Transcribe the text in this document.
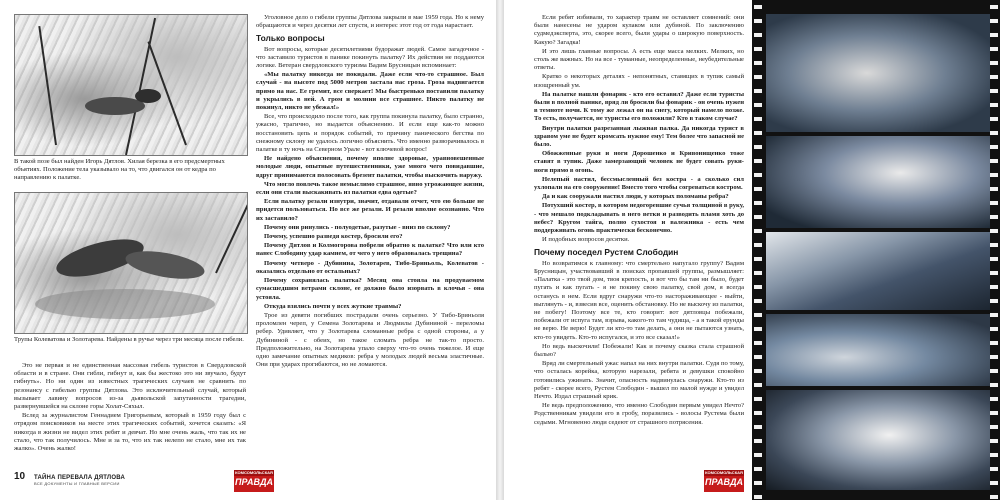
В такой позе был найден Игорь Дятлов. Хилая березка в его предсмертных объятиях. Положение тела указывало на то, что двигался он от кедра по направлению к палатке.
Трупы Колеватова и Золотарева. Найдены в ручье через три месяца после гибели.

Это не первая и не единственная массовая гибель туристов в Свердловской области и в стране. Они гибли, гибнут и, как бы жестоко это ни звучало, будут гибнуть». Но ни один из известных трагических случаев не сравнить по резонансу с гибелью группы Дятлова. Это исключительный случай, который вызывает лавину вопросов из-за дьявольской запутанности трагедии, развернувшейся на склоне горы Холат-Сяхыл.

Вслед за журналистом Геннадием Григорьевым, который в 1959 году был с отрядом поисковиков на месте этих трагических событий, хочется сказать: «Я никогда в жизни не видел этих ребят и девчат. Но мне очень жаль, что так их не стало, что так получилось. Мне и за то, что их так нелепо не стало, мне их так жалко». Очень жалко!

Уголовное дело о гибели группы Дятлова закрыли в мае 1959 года. Но к нему обращаются и через десятки лет спустя, и интерес этот год от года нарастает.

Только вопросы

Вот вопросы, которые десятилетиями будоражат людей. Самое загадочное - что заставило туристов в панике покинуть палатку? Их действия не поддаются логике. Ветеран свердловского туризма Вадим Брусницын вспоминает:

«Мы палатку никогда не покидали. Даже если что-то страшное. Был случай - на высоте под 5000 метров застала нас гроза. Гроза надвигается прямо на нас. Ее гремит, все сверкает! Мы быстренько поставили палатку и укрылись в ней. А гром и молнии все страшнее. Никто палатку не покинул, никто не убежал!»

Все, что происходило после того, как группа покинула палатку, было странно, ужасно, трагично, но выдается объяснению. И если еще как-то можно восстановить цепь и порядок событий, то причину панического бегства по снежному склону не удалось логично объяснить. Что именно разворачивалось в палатке в ту ночь на Северном Урале - вот ключевой вопрос!

Не найдено объяснения, почему вполне здоровые, уравновешенные молодые люди, опытные путешественники, уже много чего повидавшие, вдруг принимаются полосовать брезент палатки, чтобы выскочить наружу.

Что могло повлечь такое немыслимо страшное, явно угрожающее жизни, если они стали выскакивать из палатки едва одетые?

Если палатку резали изнутри, значит, отдавали отчет, что ею больше не придется пользоваться. Но все же резали. И резали вполне осознанно. Что их заставило?

Почему они ринулись - полуодетые, разутые - вниз по склону?

Почему, успешно разведя костер, бросили его?

Почему Дятлов и Колмогорова побрели обратно к палатке? Что или кто нанес Слободину удар камнем, от чего у него образовалась трещина?

Почему четверо - Дубинина, Золотарев, Тибо-Бриньоль, Колеватов - оказались отдельно от остальных?

Почему сохранялась палатка? Месяц она стояла на продуваемом сумасшедшим ветрами склоне, ее должно было изорвать в клочья - она устояла.

Откуда взялись почти у всех жуткие травмы?

Трое из девяти погибших пострадали очень серьезно. У Тибо-Бриньоля проломлен череп, у Семена Золотарева и Людмилы Дубининой - переломы ребер. Удивляет, что у Золотарева сломанные ребра с одной стороны, а у Дубининой - с обеих, но такое сломать ребра не так-то просто. Предположительно, на Золотарева упало сверху что-то очень тяжелое. И еще одно замечание опытных медиков: ребра у молодых людей весьма эластичные. Они при ударах прогибаются, но не ломаются.

10 ТАЙНА ПЕРЕВАЛА ДЯТЛОВА
ВСЕ ДОКУМЕНТЫ И ГЛАВНЫЕ ВЕРСИИ
КОМСОМОЛЬСКАЯ
ПРАВДА

Если ребят избивали, то характер травм не оставляет сомнений: они были нанесены не ударом кулаком или дубиной. По заключению судмедэксперта, это, скорее всего, были удары о широкую поверхность. Какую? Загадка!

И это лишь главные вопросы. А есть еще масса мелких. Мелких, но столь же важных. Но на все - туманные, неопределенные, неубедительные ответы.

Кратко о некоторых деталях - непонятных, ставящих в тупик самый изощренный ум.

На палатке нашли фонарик - кто его оставил? Даже если туристы были в полной панике, вряд ли бросили бы фонарик - он очень нужен в темноте ночи. К тому же лежал он на снегу, который намело позже. То есть, получается, не туристы его положили? Кто в таком случае?

Внутри палатки разрезанная лыжная палка. Да никогда турист в здравом уме не будет кромсать нужное ему! Тем более что запасной не было.

Обожженные руки и ноги Дорошенко и Кривонищенко тоже ставят в тупик. Даже замерзающий человек не будет совать руки-ноги прямо в огонь.

Нелепый настил, бессмысленный без костра - а сколько сил ухлопали на его сооружение! Вместо того чтобы согреваться костром.

Да и как сооружали настил люди, у которых поломаны ребра?

Потухший костер, в котором недогоревшие сучья толщиной в руку, - что мешало подкладывать в него ветки и разводить пламя хоть до небес? Кругом тайга, полно сухостоя и валежника - есть чем поддерживать огонь практически бесконечно.

И подобных вопросов десятки.

Почему поседел Рустем Слободин

Но возвратимся к главному: что смертельно напугало группу? Вадим Брусницын, участвовавший в поисках пропавшей группы, размышляет: «Палатка - это твой дом, твоя крепость, и вот что бы там ни было, будет пугать и как пугать - я не покину свою палатку, свой дом, я всегда останусь в нем. Если вдруг снаружи что-то настораживающее - выйти, выглянуть - и, взвесив все, оценить обстановку. Но не выскочу из палатки, не побегу! Поэтому все те, кто говорит: вот дятловцы побежали, побежали от испуга там, взрыва, какого-то там чудища, - а я такой ерунды не верю. Не верю! Будет ли кто-то там делать, а они не пытаются узнать, кто-то увидеть. Кто-то испугался, и это все сказал!»

Но ведь выскочили! Побежали! Как и почему сказка стала страшной былью?

Вряд ли смертельный ужас напал на них внутри палатки. Судя по тому, что осталась корейка, которую нарезали, ребята и девушки спокойно готовились ужинать. Значит, опасность надвинулась снаружи. Кто-то из ребят - скорее всего, Рустем Слободин - вышел по малой нужде и увидел Нечто. Издал страшный крик.

Не ведь предположению, что именно Слободин первым увидел Нечто? Родственникам увидели его в гробу, поразились - волосы Рустема были седыми. Мгновенно люди седеют от страшного потрясения.

КОМСОМОЛЬСКАЯ
ПРАВДА
